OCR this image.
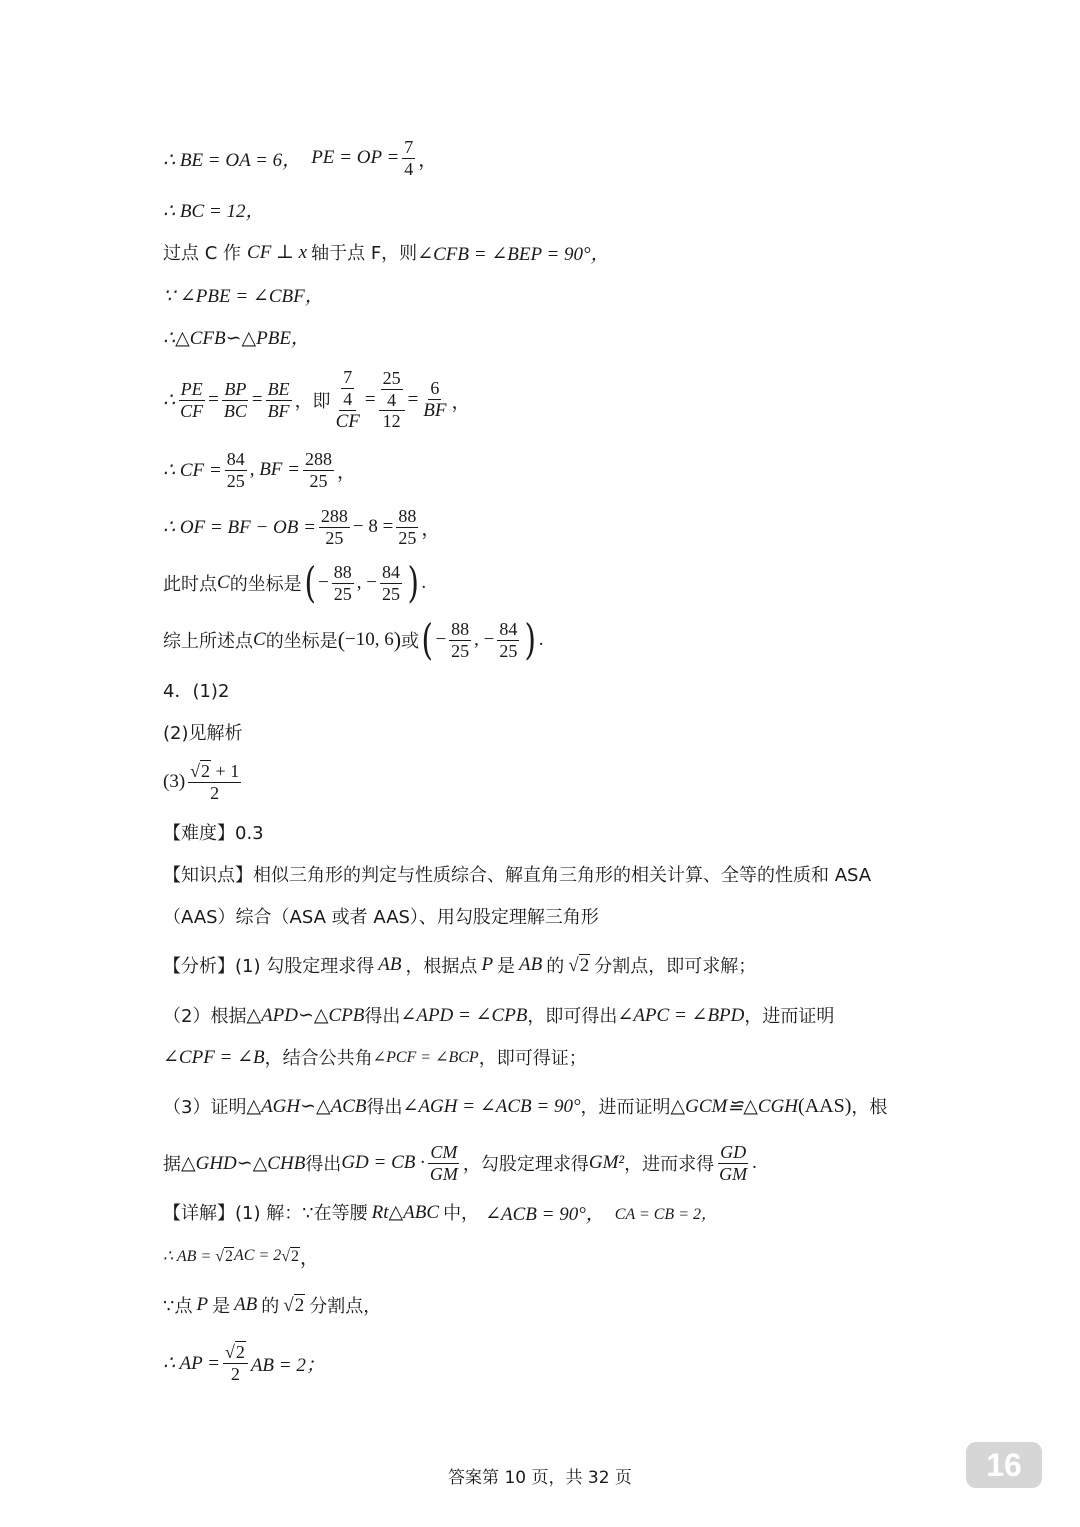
∴ BE = OA = 6， PE = OP = $\frac{7}{4}$ ，
∴ BC = 12，
过点 C 作 CF ⊥ x 轴于点 F，则 ∠CFB = ∠BEP = 90°，
∵ ∠PBE = ∠CBF，
∴△CFB∽△PBE，
∴ $\frac{PE}{CF} = \frac{BP}{BC} = \frac{BE}{BF}$ ，即 $\frac{\frac{7}{4}}{CF} = \frac{\frac{25}{4}}{12} = \frac{6}{BF}$ ，
∴ CF = $\frac{84}{25}$ , BF = $\frac{288}{25}$ ，
∴ OF = BF − OB = $\frac{288}{25} - 8 = \frac{88}{25}$ ，
此时点 C 的坐标是 ( − $\frac{88}{25}$ , − $\frac{84}{25}$ ) .
综上所述点 C 的坐标是 ( −10, 6 ) 或 ( − $\frac{88}{25}$ , − $\frac{84}{25}$ ) .
4．(1)2
(2)见解析
$(3) \frac{√ 2 + 1}{2}$
【难度】0.3
【知识点】相似三角形的判定与性质综合、解直角三角形的相关计算、全等的性质和 ASA
（AAS）综合（ASA 或者 AAS）、用勾股定理解三角形
【分析】(1) 勾股定理求得 AB ，根据点 P 是 AB 的 √ 2 分割点，即可求解；
（2）根据 △APD∽△CPB 得出 ∠APD = ∠CPB ，即可得出 ∠APC = ∠BPD ，进而证明
∠CPF = ∠B ，结合公共角 ∠PCF = ∠BCP ，即可得证；
（3）证明 △AGH∽△ACB 得出 ∠AGH = ∠ACB = 90° ，进而证明 △GCM≌△CGH (AAS) ，根
据 △GHD∽△CHB 得出 GD = CB · $\frac{CM}{GM}$ ，勾股定理求得 GM² ，进而求得 $\frac{GD}{GM}$ .
【详解】(1) 解：∵在等腰 Rt△ABC 中， ∠ACB = 90°， CA = CB = 2，
∴ AB = √ 2 AC = 2 √ 2 ，
∵点 P 是 AB 的 √ 2 分割点，
∴ AP = $\frac{√ 2}{2}$ AB = 2；
答案第 10 页，共 32 页	16
